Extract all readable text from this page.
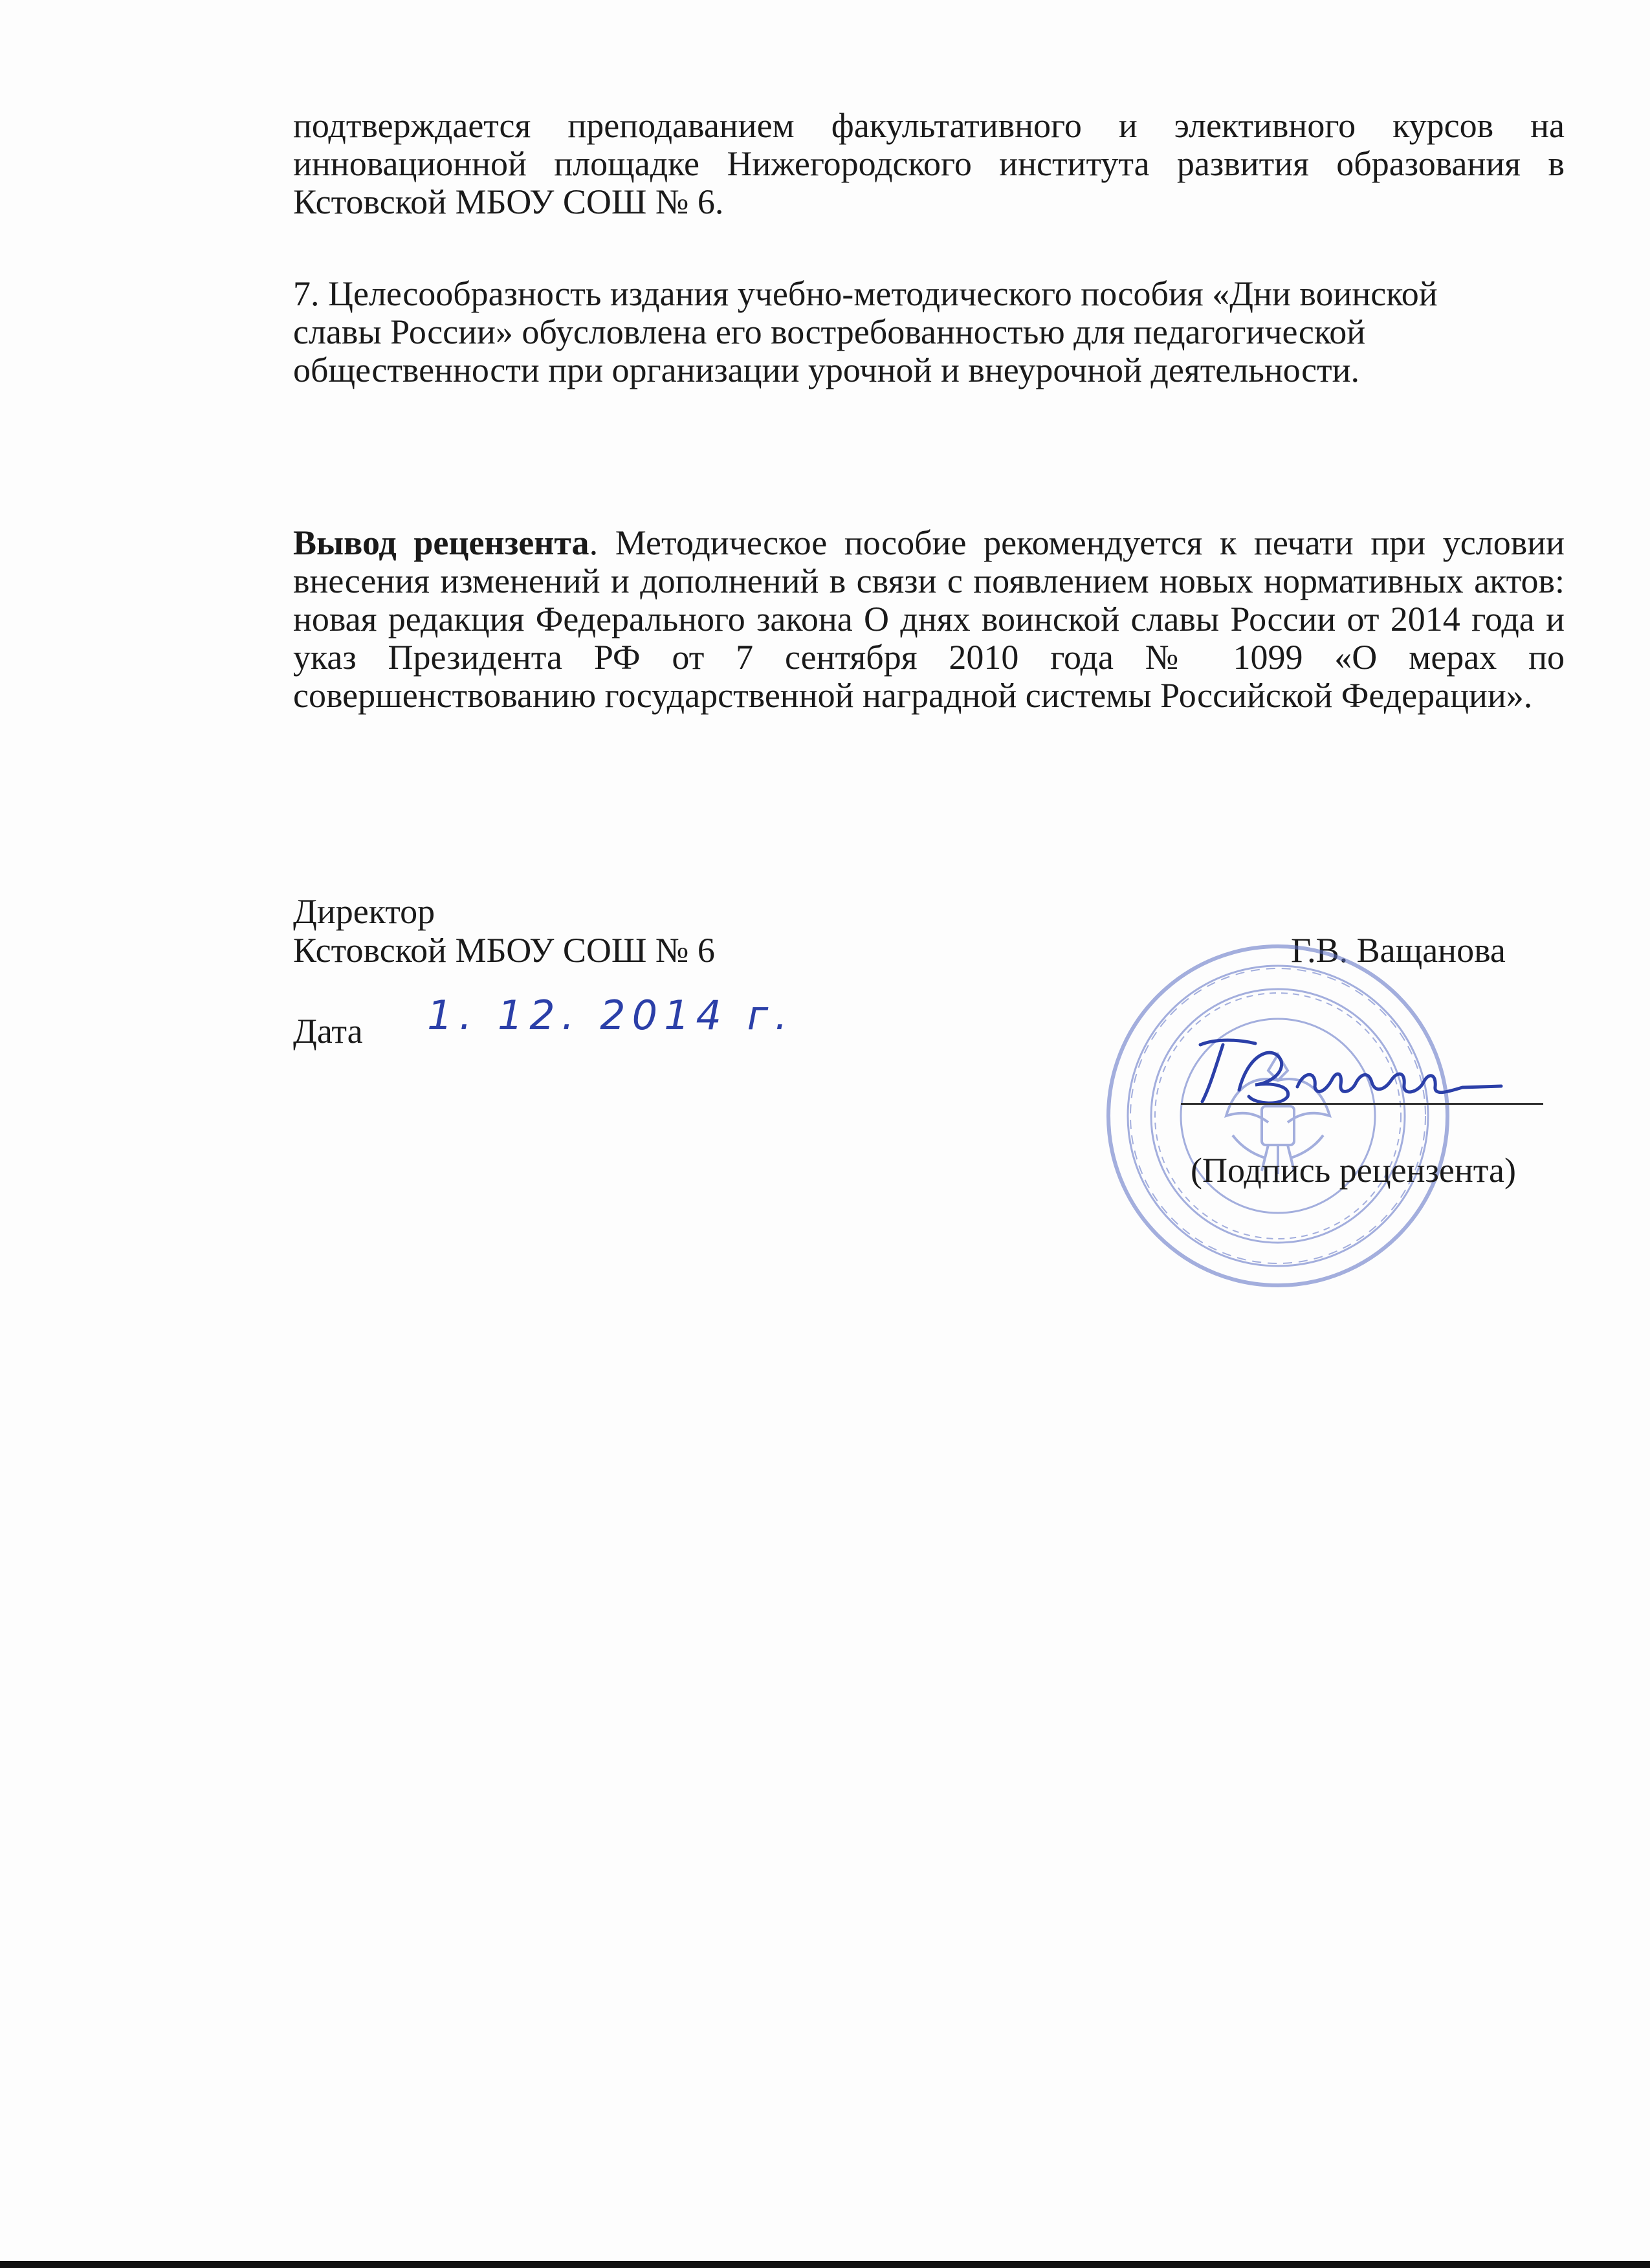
подтверждается преподаванием факультативного и элективного курсов на инновационной площадке Нижегородского института развития образования в Кстовской МБОУ СОШ № 6.
7. Целесообразность издания учебно-методического пособия «Дни воинской славы России» обусловлена его востребованностью для педагогической общественности при организации урочной и внеурочной деятельности.
Вывод рецензента. Методическое пособие рекомендуется к печати при условии внесения изменений и дополнений в связи с появлением новых нормативных актов: новая редакция Федерального закона О днях воинской славы России от 2014 года и указ Президента РФ от 7 сентября 2010 года № 1099 «О мерах по совершенствованию государственной наградной системы Российской Федерации».
Директор
Кстовской МБОУ СОШ № 6	Г.В. Ващанова
Дата 1. 12. 2014 г.
(Подпись рецензента)
